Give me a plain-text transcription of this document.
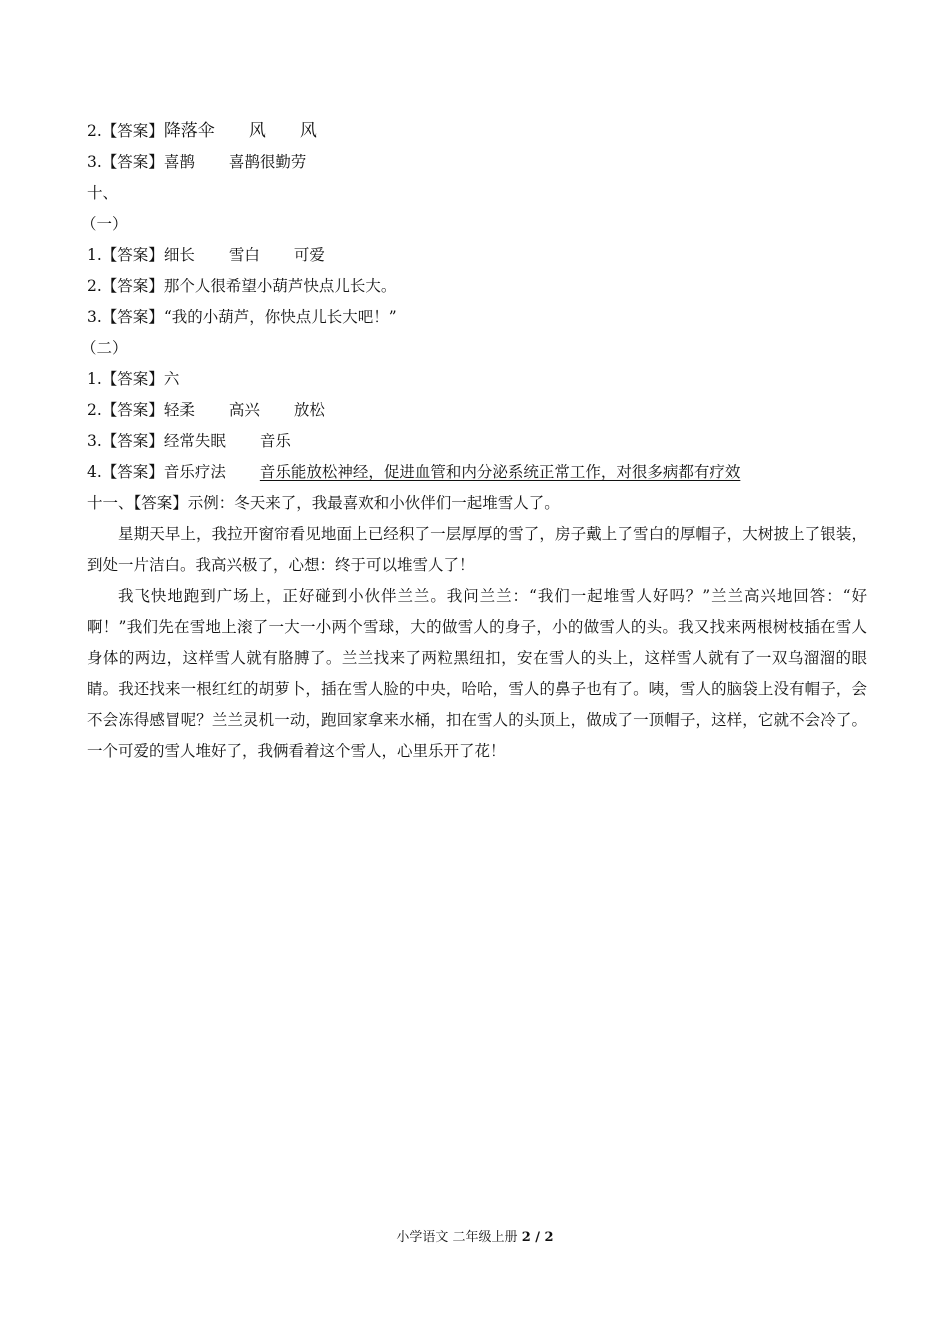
2.【答案】降落伞 风 风
3.【答案】喜鹊 喜鹊很勤劳
十、
（一）
1.【答案】细长 雪白 可爱
2.【答案】那个人很希望小葫芦快点儿长大。
3.【答案】“我的小葫芦，你快点儿长大吧！”
（二）
1.【答案】六
2.【答案】轻柔 高兴 放松
3.【答案】经常失眠 音乐
4.【答案】音乐疗法 音乐能放松神经，促进血管和内分泌系统正常工作，对很多病都有疗效
十一、【答案】示例：冬天来了，我最喜欢和小伙伴们一起堆雪人了。

星期天早上，我拉开窗帘看见地面上已经积了一层厚厚的雪了，房子戴上了雪白的厚帽子，大树披上了银装，到处一片洁白。我高兴极了，心想：终于可以堆雪人了！

我飞快地跑到广场上，正好碰到小伙伴兰兰。我问兰兰：“我们一起堆雪人好吗？”兰兰高兴地回答：“好啊！”我们先在雪地上滚了一大一小两个雪球，大的做雪人的身子，小的做雪人的头。我又找来两根树枝插在雪人身体的两边，这样雪人就有胳膊了。兰兰找来了两粒黑纽扣，安在雪人的头上，这样雪人就有了一双乌溜溜的眼睛。我还找来一根红红的胡萝卜，插在雪人脸的中央，哈哈，雪人的鼻子也有了。咦，雪人的脑袋上没有帽子，会不会冻得感冒呢？兰兰灵机一动，跑回家拿来水桶，扣在雪人的头顶上，做成了一顶帽子，这样，它就不会冷了。一个可爱的雪人堆好了，我俩看着这个雪人，心里乐开了花！

小学语文 二年级上册 2 / 2
